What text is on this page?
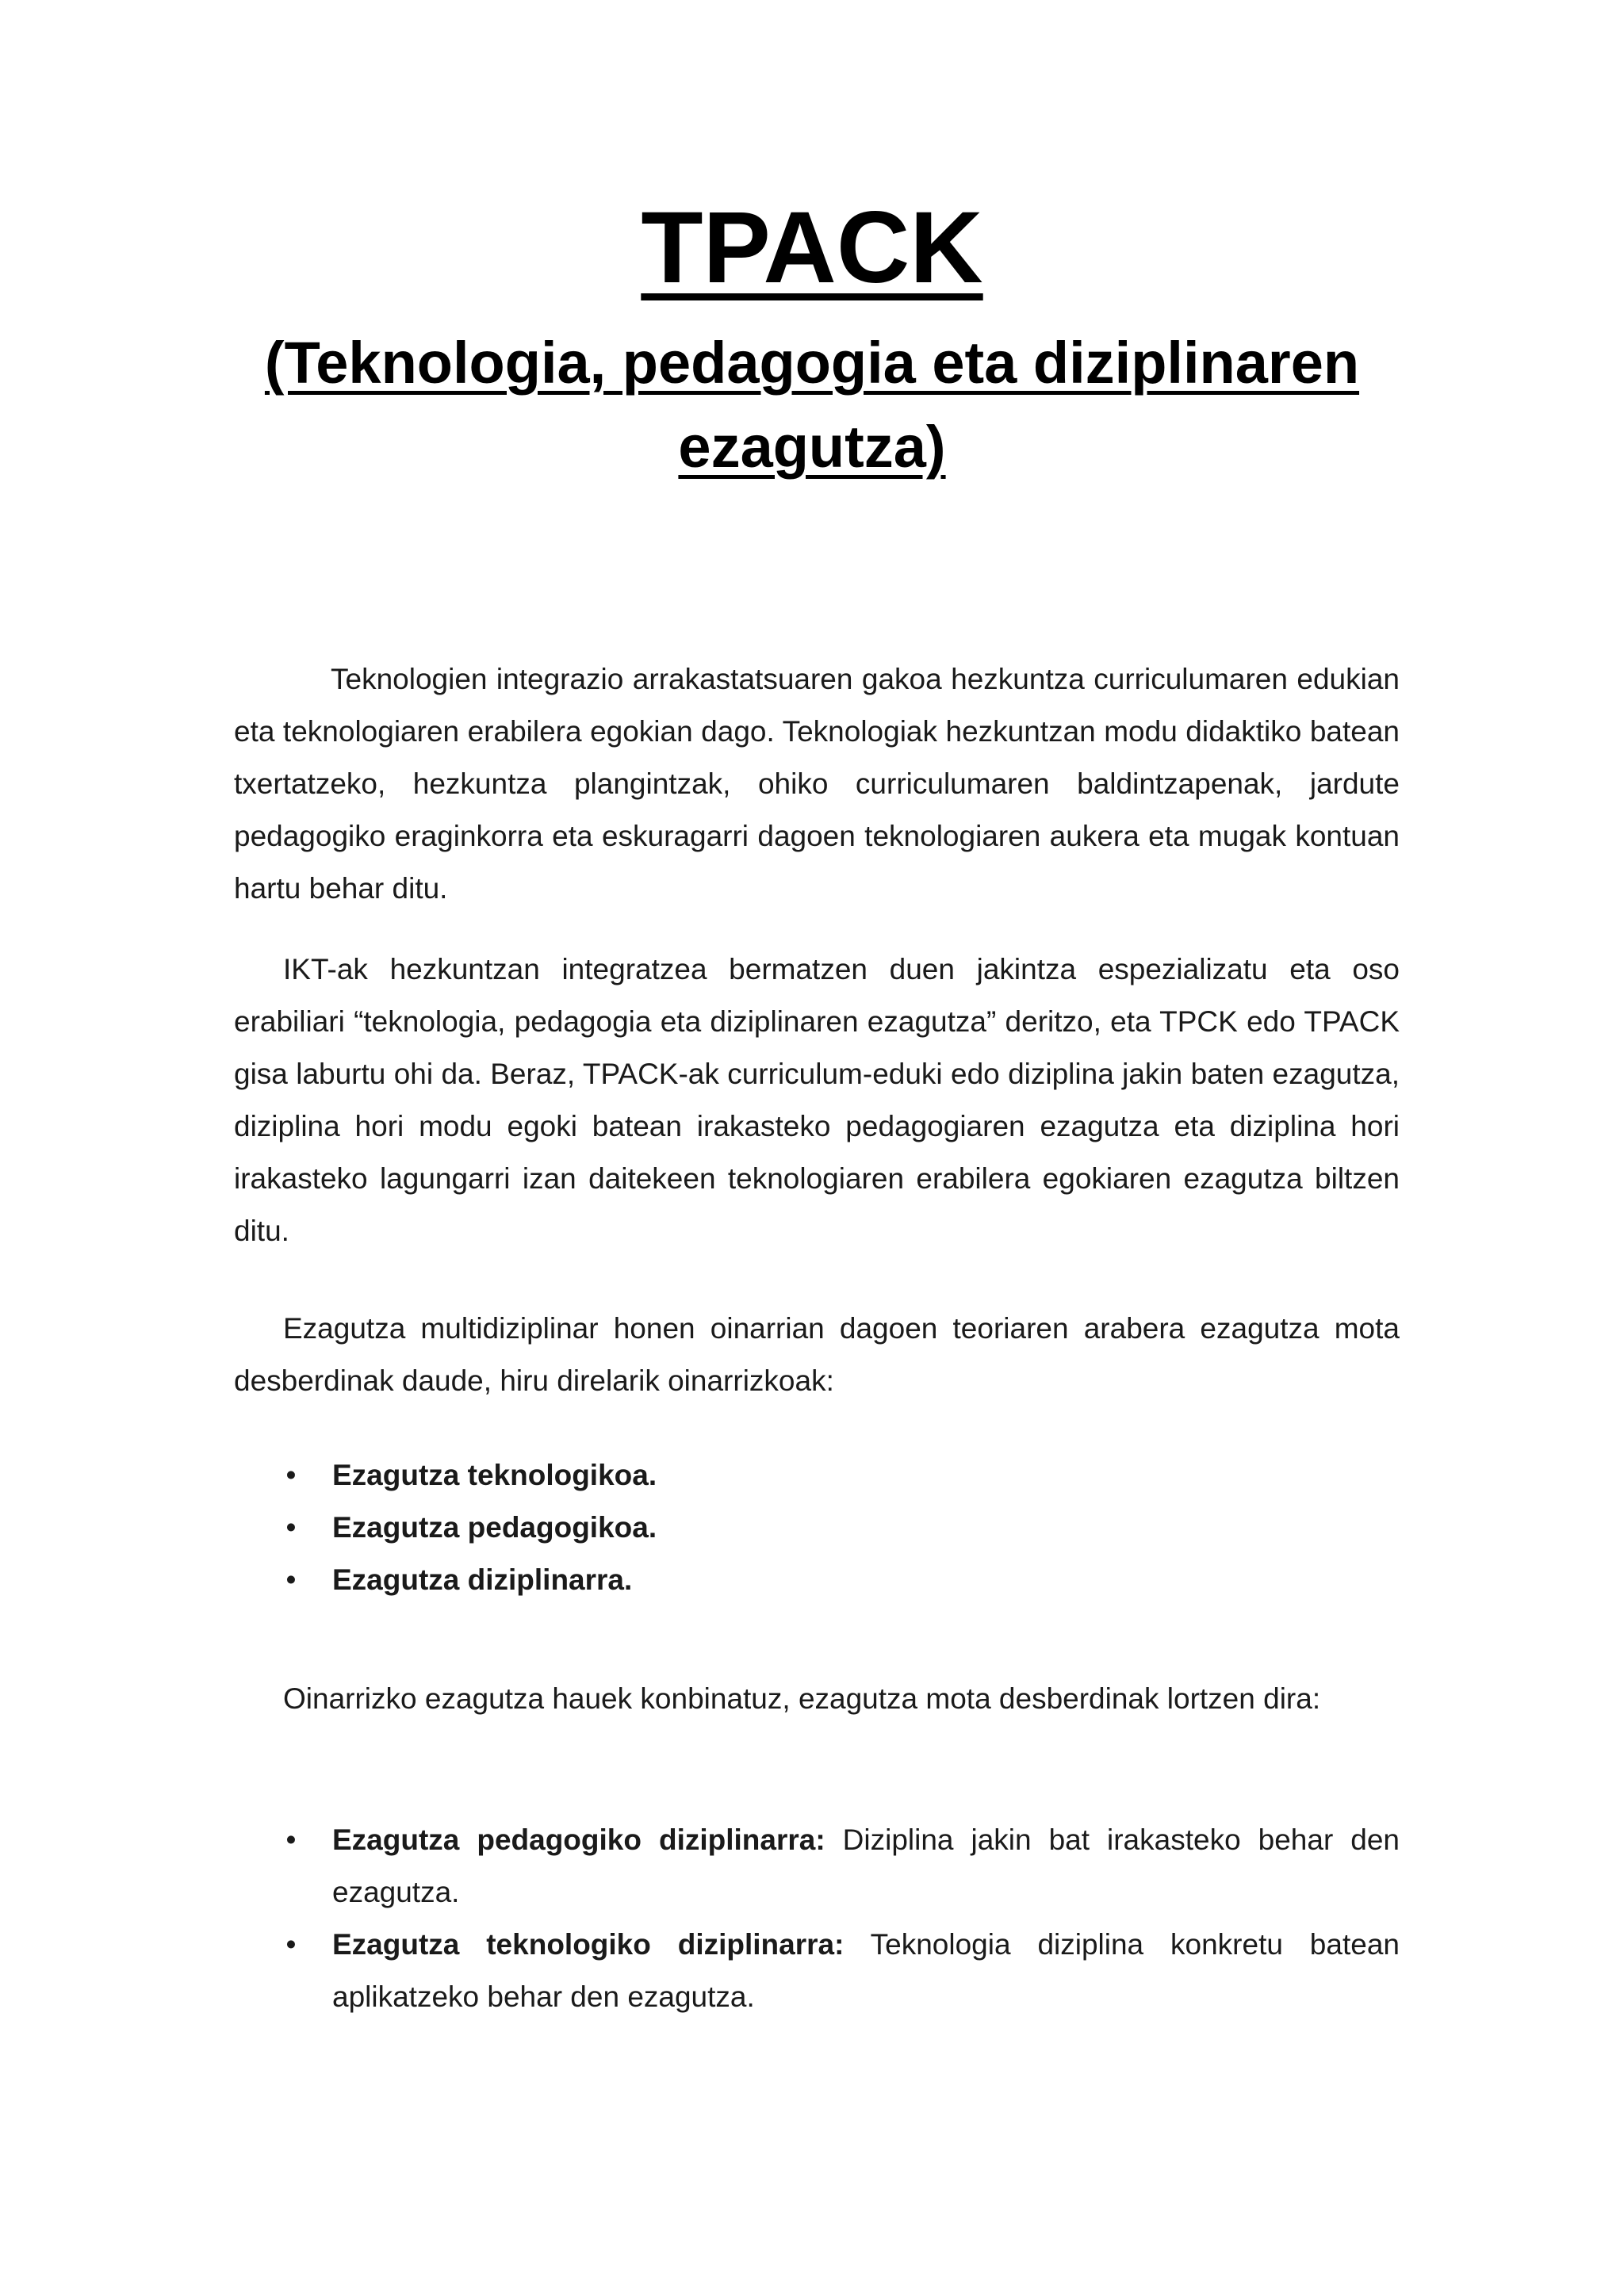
TPACK
(Teknologia, pedagogia eta diziplinaren ezagutza)

Teknologien integrazio arrakastatsuaren gakoa hezkuntza curriculumaren edukian eta teknologiaren erabilera egokian dago. Teknologiak hezkuntzan modu didaktiko batean txertatzeko, hezkuntza plangintzak, ohiko curriculumaren baldintzapenak, jardute pedagogiko eraginkorra eta eskuragarri dagoen teknologiaren aukera eta mugak kontuan hartu behar ditu.

IKT-ak hezkuntzan integratzea bermatzen duen jakintza espezializatu eta oso erabiliari “teknologia, pedagogia eta diziplinaren ezagutza” deritzo, eta TPCK edo TPACK gisa laburtu ohi da. Beraz, TPACK-ak curriculum-eduki edo diziplina jakin baten ezagutza, diziplina hori modu egoki batean irakasteko pedagogiaren ezagutza eta diziplina hori irakasteko lagungarri izan daitekeen teknologiaren erabilera egokiaren ezagutza biltzen ditu.

Ezagutza multidiziplinar honen oinarrian dagoen teoriaren arabera ezagutza mota desberdinak daude, hiru direlarik oinarrizkoak:

• Ezagutza teknologikoa.
• Ezagutza pedagogikoa.
• Ezagutza diziplinarra.

Oinarrizko ezagutza hauek konbinatuz, ezagutza mota desberdinak lortzen dira:

• Ezagutza pedagogiko diziplinarra: Diziplina jakin bat irakasteko behar den ezagutza.
• Ezagutza teknologiko diziplinarra: Teknologia diziplina konkretu batean aplikatzeko behar den ezagutza.
